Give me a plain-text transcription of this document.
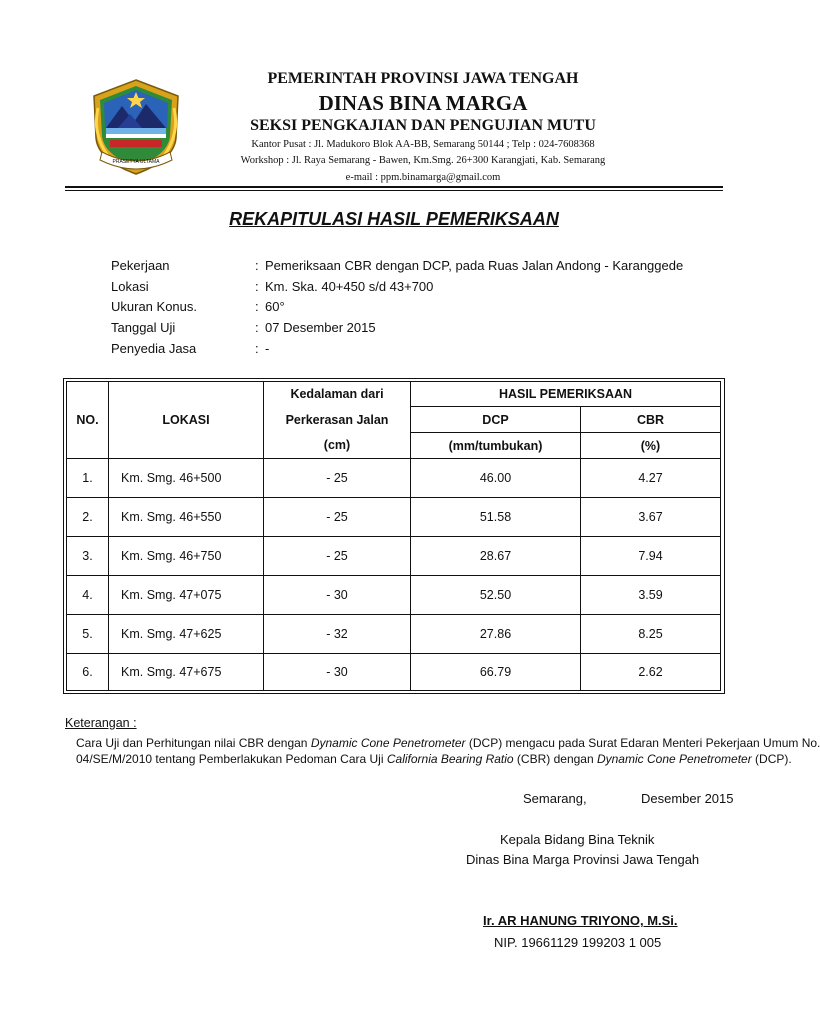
PRASETYA ULTAMA
PEMERINTAH PROVINSI JAWA TENGAH
DINAS BINA MARGA
SEKSI PENGKAJIAN DAN PENGUJIAN MUTU
Kantor Pusat : Jl. Madukoro Blok AA-BB, Semarang 50144 ; Telp : 024-7608368
Workshop : Jl. Raya Semarang - Bawen, Km.Smg. 26+300 Karangjati, Kab. Semarang
e-mail : ppm.binamarga@gmail.com
REKAPITULASI HASIL PEMERIKSAAN
Pekerjaan	: Pemeriksaan CBR dengan DCP, pada Ruas Jalan Andong - Karanggede
Lokasi	: Km. Ska. 40+450 s/d 43+700
Ukuran Konus.	: 60°
Tanggal Uji	: 07 Desember 2015
Penyedia Jasa	: -
NO.	LOKASI	Kedalaman dari	HASIL PEMERIKSAAN	
		Perkerasan Jalan	DCP	CBR
		(cm)	(mm/tumbukan)	(%)
1.	Km. Smg. 46+500	- 25	46.00	4.27
2.	Km. Smg. 46+550	- 25	51.58	3.67
3.	Km. Smg. 46+750	- 25	28.67	7.94
4.	Km. Smg. 47+075	- 30	52.50	3.59
5.	Km. Smg. 47+625	- 32	27.86	8.25
6.	Km. Smg. 47+675	- 30	66.79	2.62
Keterangan :
Cara Uji dan Perhitungan nilai CBR dengan Dynamic Cone Penetrometer (DCP) mengacu pada Surat Edaran Menteri Pekerjaan Umum No.
04/SE/M/2010 tentang Pemberlakukan Pedoman Cara Uji California Bearing Ratio (CBR) dengan Dynamic Cone Penetrometer (DCP).
Semarang,	Desember 2015
Kepala Bidang Bina Teknik
Dinas Bina Marga Provinsi Jawa Tengah
Ir. AR HANUNG TRIYONO, M.Si.
NIP. 19661129 199203 1 005
